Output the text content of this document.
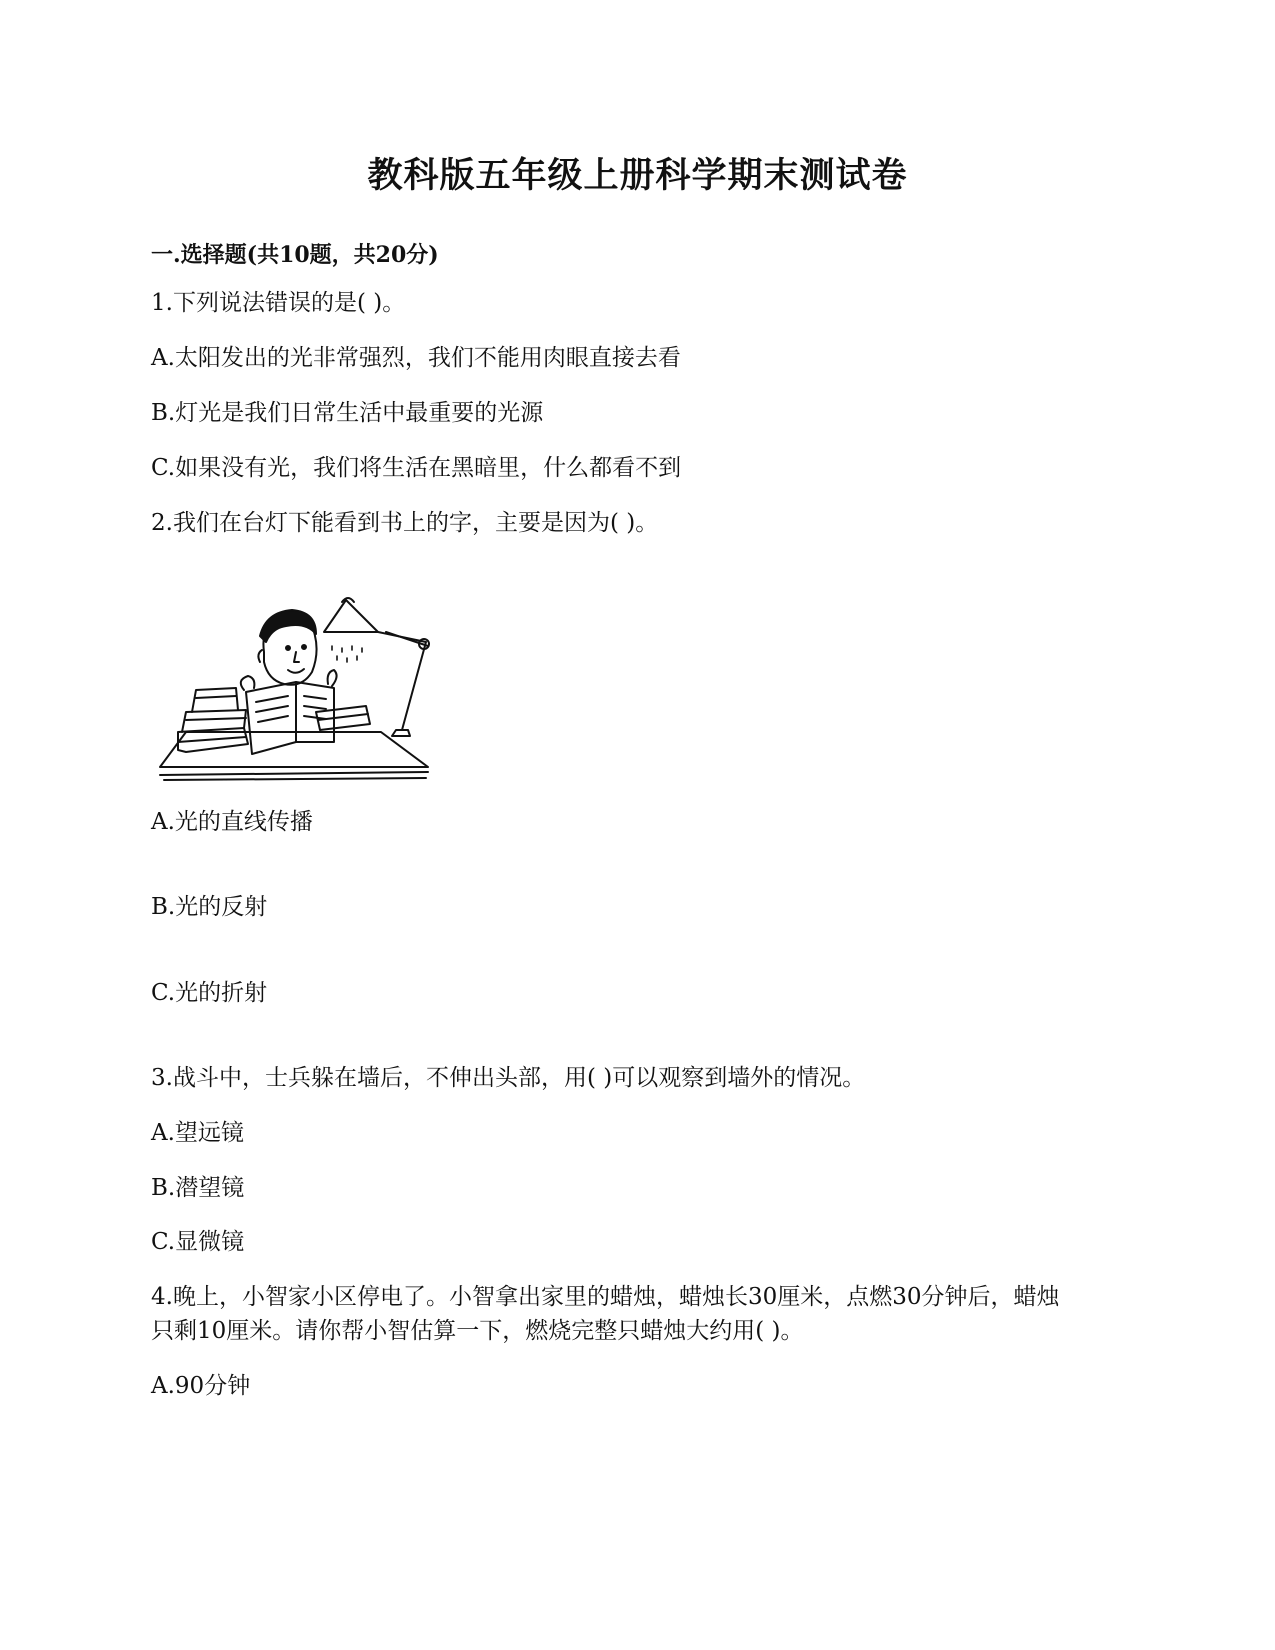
教科版五年级上册科学期末测试卷
一.选择题(共10题，共20分)
1.下列说法错误的是( )。
A.太阳发出的光非常强烈，我们不能用肉眼直接去看
B.灯光是我们日常生活中最重要的光源
C.如果没有光，我们将生活在黑暗里，什么都看不到
2.我们在台灯下能看到书上的字，主要是因为( )。
A.光的直线传播
B.光的反射
C.光的折射
3.战斗中，士兵躲在墙后，不伸出头部，用( )可以观察到墙外的情况。
A.望远镜
B.潜望镜
C.显微镜
4.晚上，小智家小区停电了。小智拿出家里的蜡烛，蜡烛长30厘米，点燃30分钟后，蜡烛
只剩10厘米。请你帮小智估算一下，燃烧完整只蜡烛大约用( )。
A.90分钟
